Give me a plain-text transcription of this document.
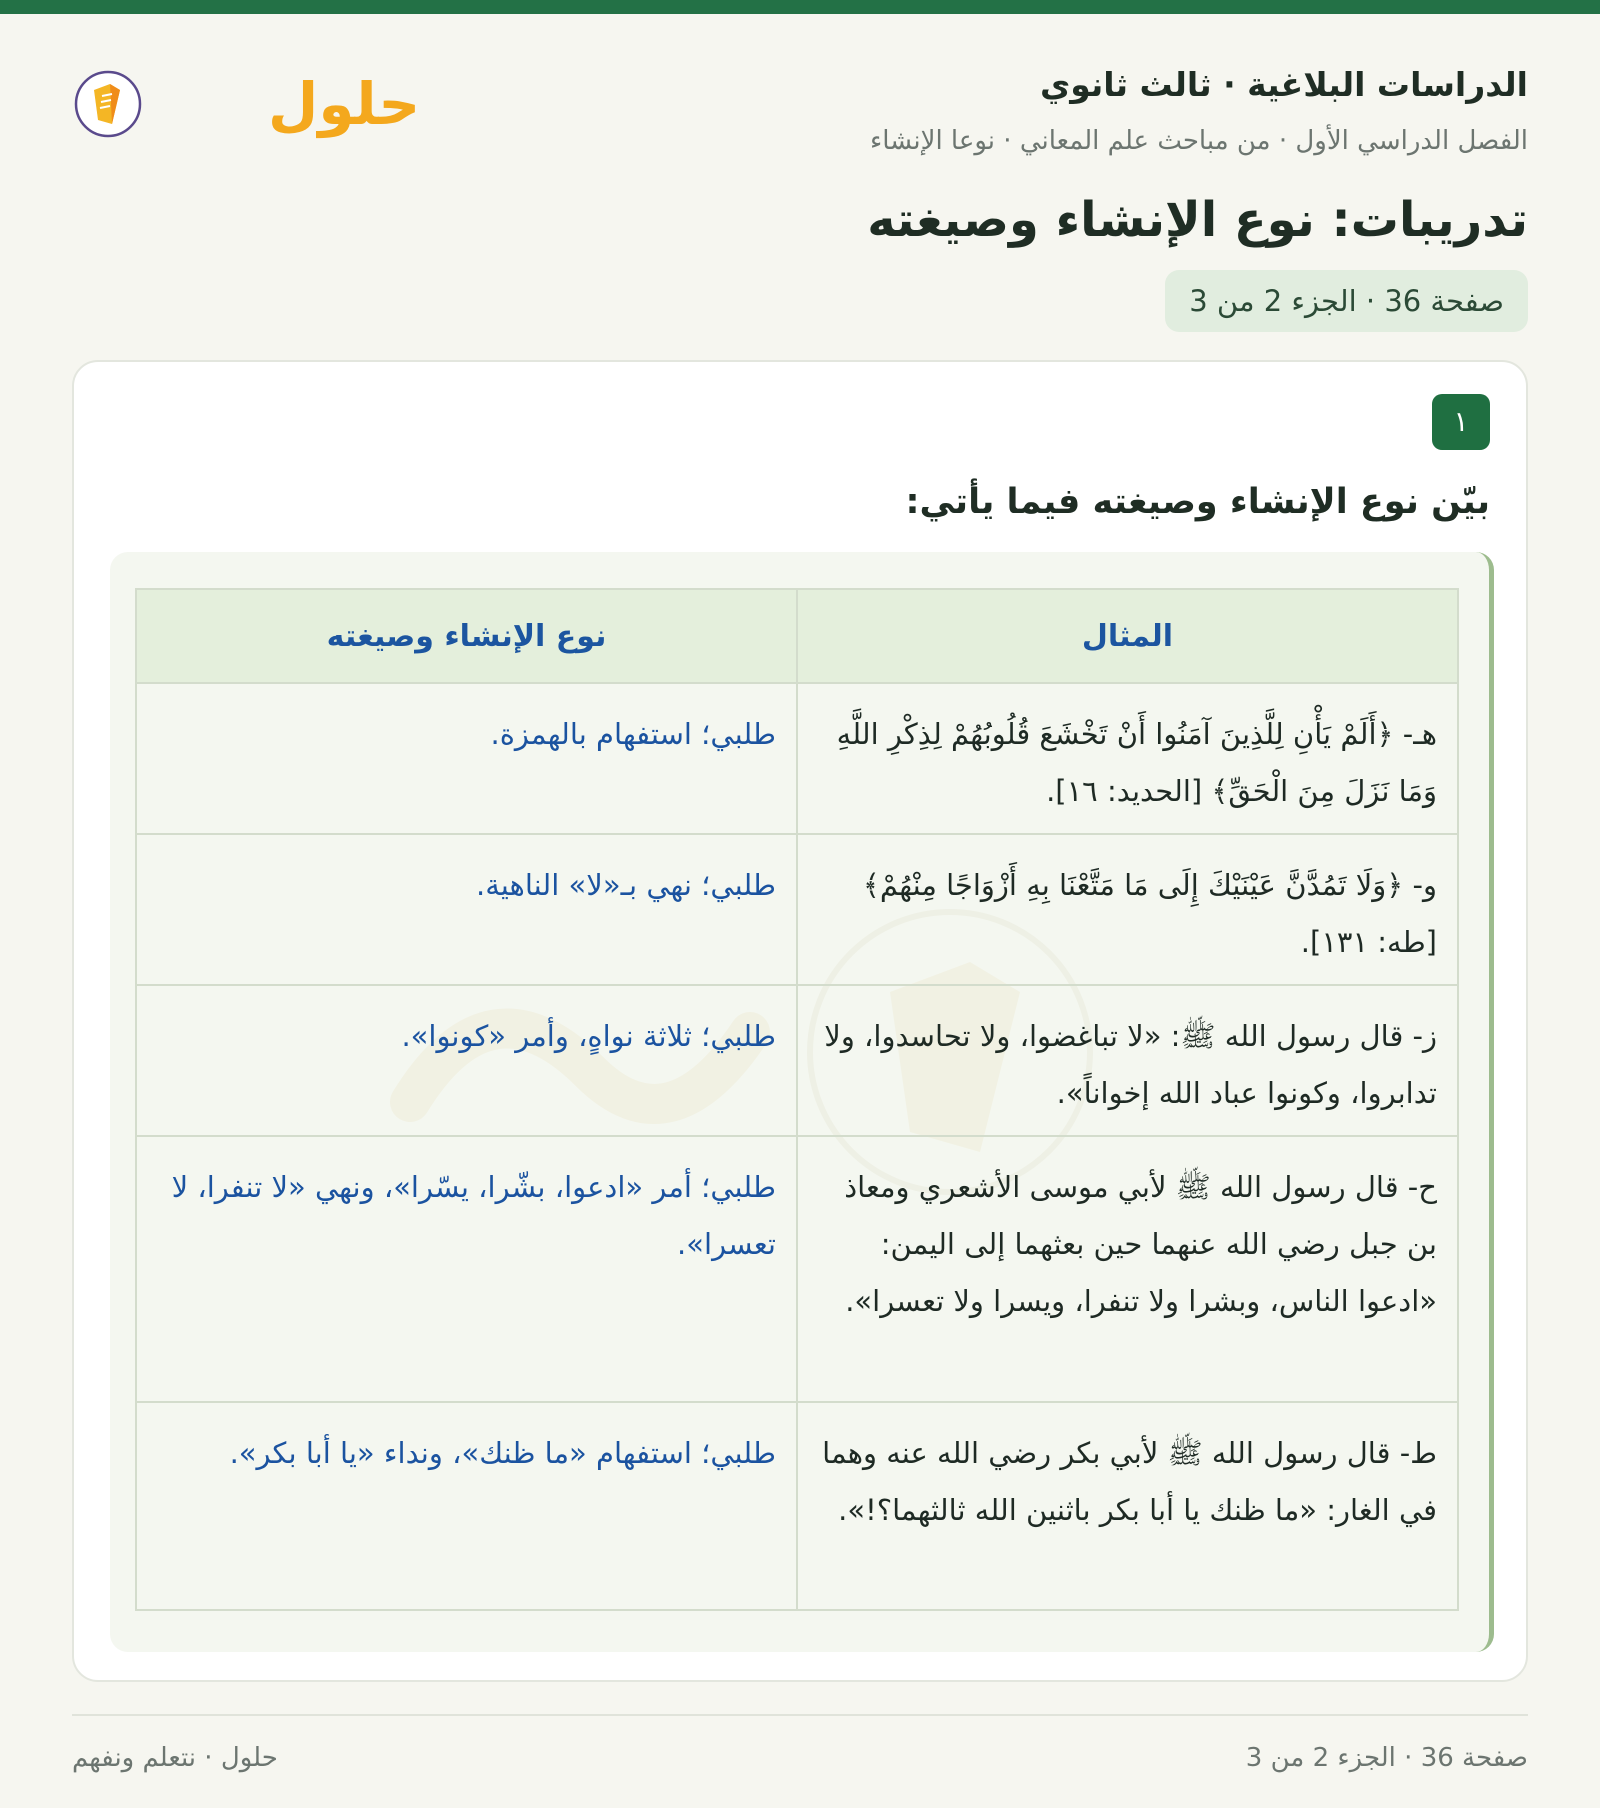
الدراسات البلاغية · ثالث ثانوي
الفصل الدراسي الأول · من مباحث علم المعاني · نوعا الإنشاء
حلول
تدريبات: نوع الإنشاء وصيغته
صفحة 36 · الجزء 2 من 3
١
بيّن نوع الإنشاء وصيغته فيما يأتي:
المثال	نوع الإنشاء وصيغته

هـ- ﴿أَلَمْ يَأْنِ لِلَّذِينَ آمَنُوا أَنْ تَخْشَعَ قُلُوبُهُمْ لِذِكْرِ اللَّهِ وَمَا نَزَلَ مِنَ الْحَقِّ﴾ [الحديد: ١٦].	طلبي؛ استفهام بالهمزة.

و- ﴿وَلَا تَمُدَّنَّ عَيْنَيْكَ إِلَى مَا مَتَّعْنَا بِهِ أَزْوَاجًا مِنْهُمْ﴾ [طه: ١٣١].	طلبي؛ نهي بـ«لا» الناهية.

ز- قال رسول الله ﷺ: «لا تباغضوا، ولا تحاسدوا، ولا تدابروا، وكونوا عباد الله إخواناً».	طلبي؛ ثلاثة نواهٍ، وأمر «كونوا».

ح- قال رسول الله ﷺ لأبي موسى الأشعري ومعاذ بن جبل رضي الله عنهما حين بعثهما إلى اليمن: «ادعوا الناس، وبشرا ولا تنفرا، ويسرا ولا تعسرا».	طلبي؛ أمر «ادعوا، بشّرا، يسّرا»، ونهي «لا تنفرا، لا تعسرا».

ط- قال رسول الله ﷺ لأبي بكر رضي الله عنه وهما في الغار: «ما ظنك يا أبا بكر باثنين الله ثالثهما؟!».	طلبي؛ استفهام «ما ظنك»، ونداء «يا أبا بكر».
صفحة 36 · الجزء 2 من 3
حلول · نتعلم ونفهم
